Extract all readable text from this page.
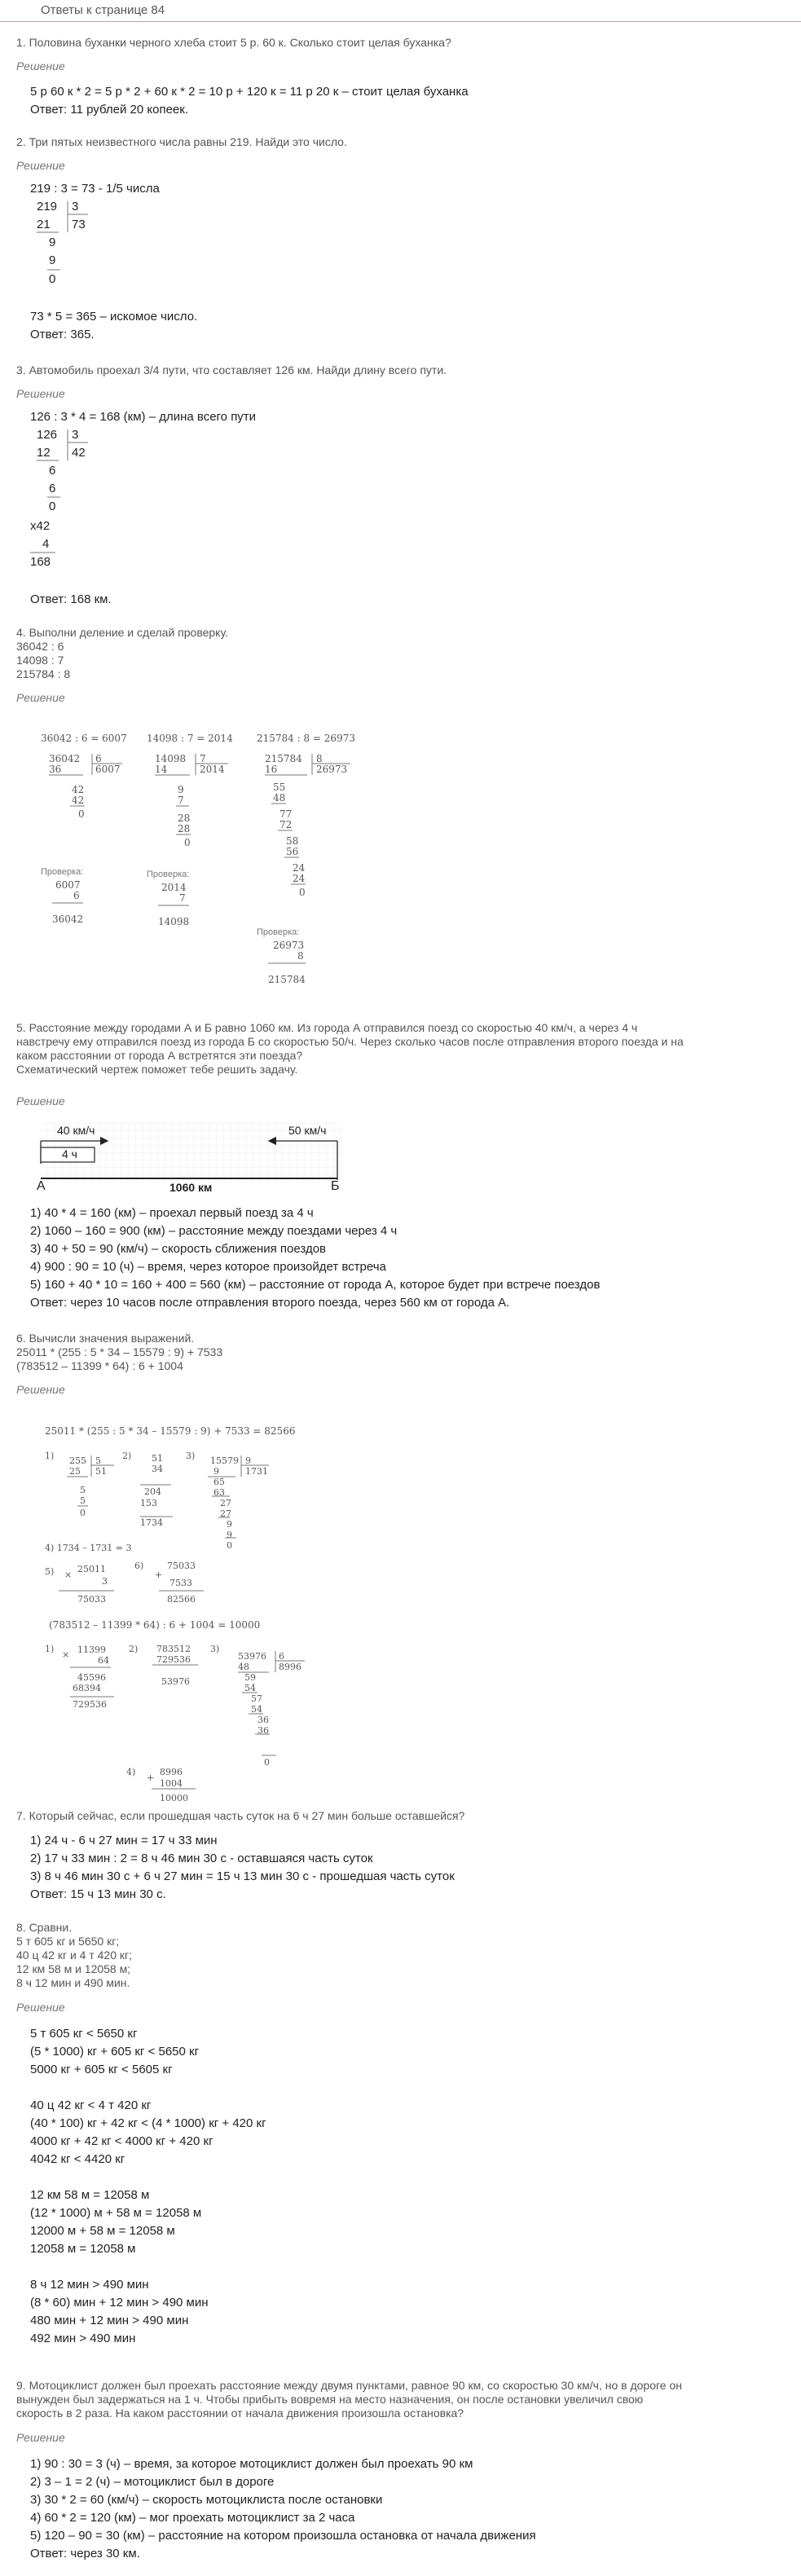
Ответы к странице 84
1. Половина буханки черного хлеба стоит 5 р. 60 к. Сколько стоит целая буханка?
Решение
5 р 60 к * 2 = 5 р * 2 + 60 к * 2 = 10 р + 120 к = 11 р 20 к – стоит целая буханка
Ответ: 11 рублей 20 копеек.
2. Три пятых неизвестного числа равны 219. Найди это число.
Решение
219 : 3 = 73 - 1/5 числа
219 3
21 73
9
9
0
73 * 5 = 365 – искомое число.
Ответ: 365.
3. Автомобиль проехал 3/4 пути, что составляет 126 км. Найди длину всего пути.
Решение
126 : 3 * 4 = 168 (км) – длина всего пути
126 3
12 42
6
6
0
x42
4
168
Ответ: 168 км.
4. Выполни деление и сделай проверку.
36042 : 6
14098 : 7
215784 : 8
Решение
36042 : 6 = 6007 14098 : 7 = 2014 215784 : 8 = 26973
36042 6
36	6007
42
42
0
14098 7
14	2014
9
7
28
28
0
215784 8
16	26973
55
48
77
72
58
56
24
24
0
Проверка:
6007
6
36042
Проверка:
2014
7
14098
Проверка:
26973
8
215784
5. Расстояние между городами А и Б равно 1060 км. Из города А отправился поезд со скоростью 40 км/ч, а через 4 ч
навстречу ему отправился поезд из города Б со скоростью 50/ч. Через сколько часов после отправления второго поезда и на
каком расстоянии от города А встретятся эти поезда?
Схематический чертеж поможет тебе решить задачу.
Решение

40 км/ч

	50 км/ч

4 ч

1060 км

А

	Б

1) 40 * 4 = 160 (км) – проехал первый поезд за 4 ч
2) 1060 – 160 = 900 (км) – расстояние между поездами через 4 ч
3) 40 + 50 = 90 (км/ч) – скорость сближения поездов
4) 900 : 90 = 10 (ч) – время, через которое произойдет встреча
5) 160 + 40 * 10 = 160 + 400 = 560 (км) – расстояние от города А, которое будет при встрече поездов
Ответ: через 10 часов после отправления второго поезда, через 560 км от города А.
6. Вычисли значения выражений.
25011 * (255 : 5 * 34 – 15579 : 9) + 7533
(783512 – 11399 * 64) : 6 + 1004
Решение
25011 * (255 : 5 * 34 – 15579 : 9) + 7533 = 82566
1) 255 5
25 51
5
5
0
2) 51
34
204
153
1734
3) 15579 9
9	1731
65
63
27
27
9
9
0
4) 1734 – 1731 = 3
5)	25011
3
75033
×
6)	75033
7533
82566
+
(783512 – 11399 * 64) : 6 + 1004 = 10000
1)	11399
64
45596
68394
729536
×
2) 783512
729536
53976
3)
53976 6
48	8996
59
54
57
54
36
36
0
4)	8996
1004
10000
+
7. Который сейчас, если прошедшая часть суток на 6 ч 27 мин больше оставшейся?
1) 24 ч - 6 ч 27 мин = 17 ч 33 мин
2) 17 ч 33 мин : 2 = 8 ч 46 мин 30 с - оставшаяся часть суток
3) 8 ч 46 мин 30 с + 6 ч 27 мин = 15 ч 13 мин 30 с - прошедшая часть суток
Ответ: 15 ч 13 мин 30 с.
8. Сравни.
5 т 605 кг и 5650 кг;
40 ц 42 кг и 4 т 420 кг;
12 км 58 м и 12058 м;
8 ч 12 мин и 490 мин.
Решение
5 т 605 кг < 5650 кг
(5 * 1000) кг + 605 кг < 5650 кг
5000 кг + 605 кг < 5605 кг
40 ц 42 кг < 4 т 420 кг
(40 * 100) кг + 42 кг < (4 * 1000) кг + 420 кг
4000 кг + 42 кг < 4000 кг + 420 кг
4042 кг < 4420 кг
12 км 58 м = 12058 м
(12 * 1000) м + 58 м = 12058 м
12000 м + 58 м = 12058 м
12058 м = 12058 м
8 ч 12 мин > 490 мин
(8 * 60) мин + 12 мин > 490 мин
480 мин + 12 мин > 490 мин
492 мин > 490 мин
9. Мотоциклист должен был проехать расстояние между двумя пунктами, равное 90 км, со скоростью 30 км/ч, но в дороге он
вынужден был задержаться на 1 ч. Чтобы прибыть вовремя на место назначения, он после остановки увеличил свою
скорость в 2 раза. На каком расстоянии от начала движения произошла остановка?
Решение
1) 90 : 30 = 3 (ч) – время, за которое мотоциклист должен был проехать 90 км
2) 3 – 1 = 2 (ч) – мотоциклист был в дороге
3) 30 * 2 = 60 (км/ч) – скорость мотоциклиста после остановки
4) 60 * 2 = 120 (км) – мог проехать мотоциклист за 2 часа
5) 120 – 90 = 30 (км) – расстояние на котором произошла остановка от начала движения
Ответ: через 30 км.
